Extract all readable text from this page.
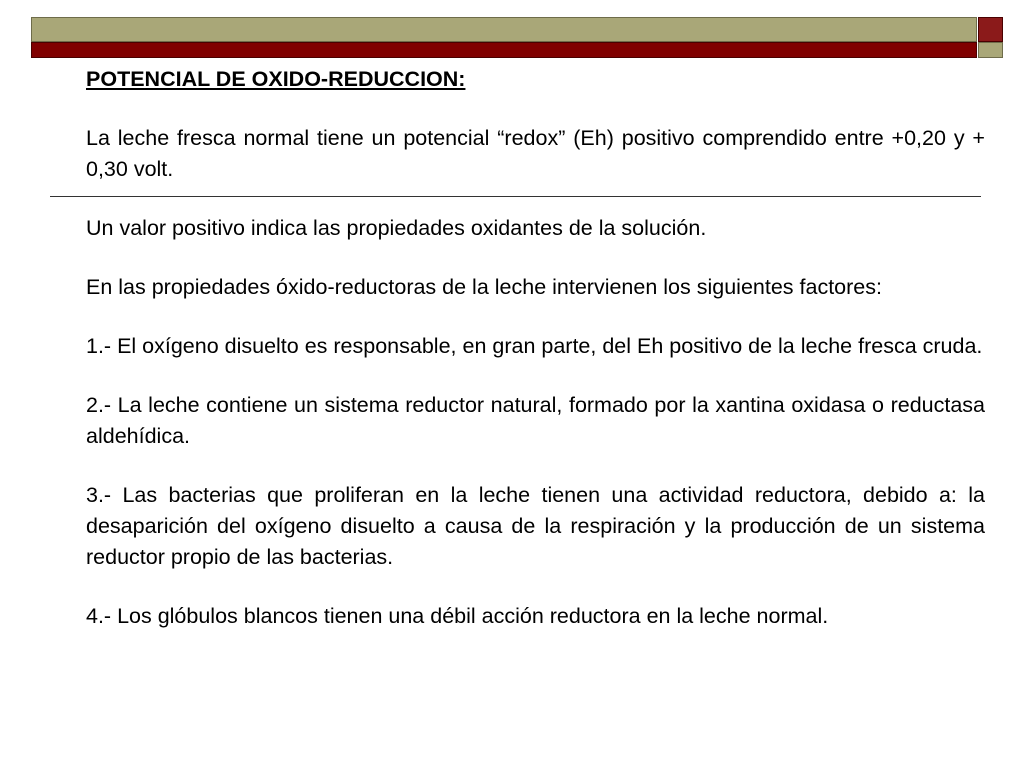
POTENCIAL DE OXIDO-REDUCCION:

La leche fresca normal tiene un potencial “redox” (Eh) positivo comprendido entre +0,20 y + 0,30 volt.

Un valor positivo indica las propiedades oxidantes de la solución.

En las propiedades óxido-reductoras de la leche intervienen los siguientes factores:

1.- El oxígeno disuelto es responsable, en gran parte, del Eh positivo de la leche fresca cruda.

2.- La leche contiene un sistema reductor natural, formado por la xantina oxidasa o reductasa aldehídica.

3.- Las bacterias que proliferan en la leche tienen una actividad reductora, debido a: la desaparición del oxígeno disuelto a causa de la respiración y la producción de un sistema reductor propio de las bacterias.

4.- Los glóbulos blancos tienen una débil acción reductora en la leche normal.
